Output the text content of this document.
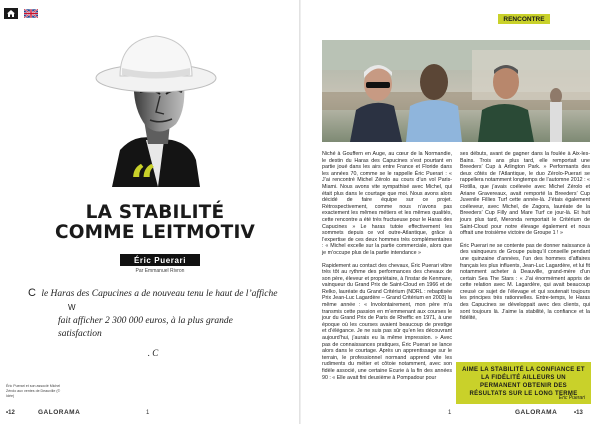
“
LA STABILITÉ
COMME LEITMOTIV
Éric Puerari
Par Emmanuel Rivron
C le Haras des Capucines a de nouveau tenu le haut de l’affiche W
fait afficher 2 300 000 euros, à la plus grande satisfaction
. C
Éric Puerari et son associé Michel Zérolo aux ventes de Deauville (© Idée)
•12	GALORAMA	1	1	GALORAMA	•13
RENCONTRE

Niché à Gouffern en Auge, au cœur de la Normandie, le destin du Haras des Capucines s’est pourtant en partie joué dans les airs entre France et Floride dans les années 70, comme se le rappelle Éric Puerari : « J’ai rencontré Michel Zérolo au cours d’un vol Paris-Miami. Nous avons vite sympathisé avec Michel, qui était plus dans le courtage que moi. Nous avons alors décidé de faire équipe sur ce projet. Rétrospectivement, comme nous n’avons pas exactement les mêmes métiers et les mêmes qualités, cette rencontre a été très fructueuse pour le Haras des Capucines » Le haras tutoie effectivement les sommets depuis ce vol outre-Atlantique, grâce à l’expertise de ces deux hommes très complémentaires : « Michel excelle sur la partie commerciale, alors que je m’occupe plus de la partie intendance »

Rapidement au contact des chevaux, Éric Puerari vibre très tôt au rythme des performances des chevaux de son père, éleveur et propriétaire, à l’instar de Kenmare, vainqueur du Grand Prix de Saint-Cloud en 1966 et de Relko, lauréate du Grand Critérium (NDRL : rebaptisée Prix Jean-Luc Lagardère – Grand Critérium en 2003) la même année : « Involontairement, mon père m’a transmis cette passion en m’emmenant aux courses le jour du Grand Prix de Paris de Rheffic en 1971, à une époque où les courses avaient beaucoup de prestige et d’élégance. Je ne suis pas sûr qu’en les découvrant aujourd’hui, j’aurais eu la même impression. » Avec pas de connaissances pratiques, Éric Puerari se lance alors dans le courtage. Après un apprentissage sur le terrain, le professionnel normand apprend vite les rudiments du métier et côtoie notamment, avec son fidèle associé, une certaine Ecurie à la fin des années 90 : « Elle avait fini deuxième à Pompadour pour

ses débuts, avant de gagner dans la foulée à Aix-les-Bains. Trois ans plus tard, elle remportait une Breeders’ Cup à Arlington Park. » Performants des deux côtés de l’Atlantique, le duo Zérolo-Puerari se rappellera notamment longtemps de l’automne 2012 : « Flotilla, que j’avais coélevée avec Michel Zérolo et Ariane Gravereaux, avait remporté la Breeders’ Cup Juvenile Fillies Turf cette année-là. J’étais également coéleveur, avec Michel, de Zagora, lauréate de la Breeders’ Cup Filly and Mare Turf ce jour-là. Et huit jours plus tard, Meronda remportait le Critérium de Saint-Cloud pour notre élevage également et nous offrait une troisième victoire de Groupe 1 ! »

Éric Puerari ne se contente pas de donner naissance à des vainqueurs de Groupe puisqu’il conseille pendant une quinzaine d’années, l’un des hommes d’affaires français les plus influents, Jean-Luc Lagardère, et lui fit notamment acheter à Deauville, grand-mère d’un certain Sea The Stars : « J’ai énormément appris de cette relation avec M. Lagardère, qui avait beaucoup creusé ce sujet de l’élevage et qui soutenait toujours les principes très rationnelles. Entre-temps, le Haras des Capucines se développait avec des clients, qui sont toujours là. J’aime la stabilité, la confiance et la fidélité,

AIME LA STABILITÉ LA CONFIANCE ET LA FIDÉLITÉ AILLEURS UN PERMANENT OBTENIR DES RÉSULTATS SUR LE LONG TERME
Éric Puerari
